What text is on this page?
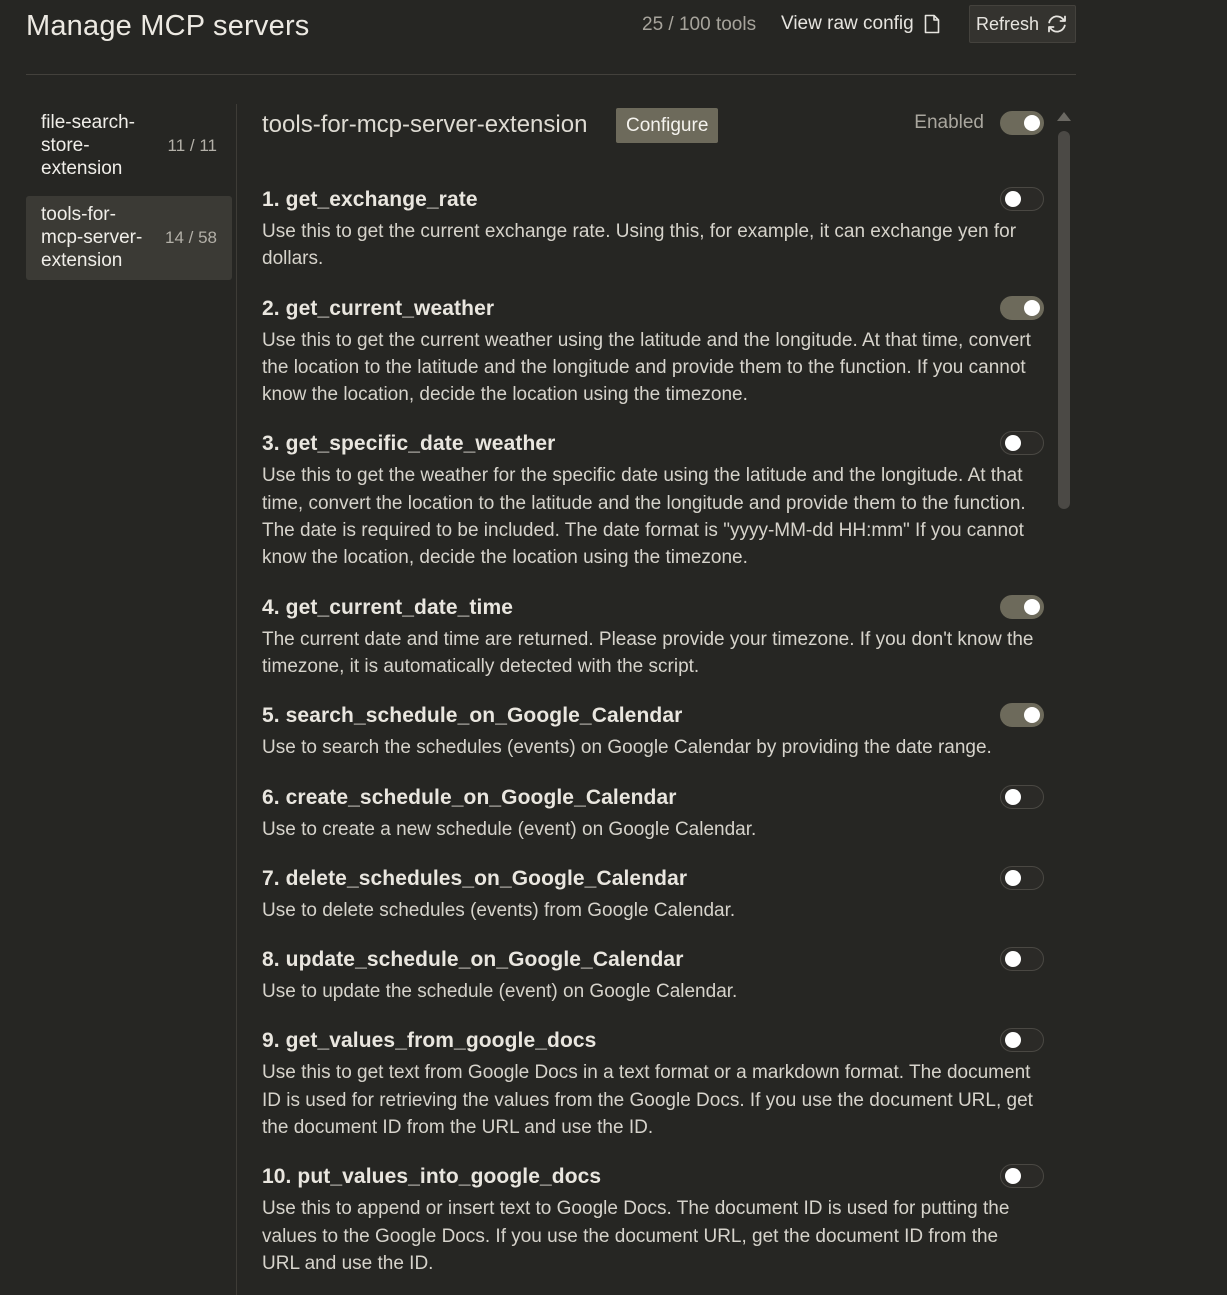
Manage MCP servers	25 / 100 tools View raw config	Refresh
file-search-store-extension
11 / 11
tools-for-mcp-server-extension
14 / 58
tools-for-mcp-server-extension	Configure	Enabled
1. get_exchange_rate
Use this to get the current exchange rate. Using this, for example, it can exchange yen for dollars.
2. get_current_weather
Use this to get the current weather using the latitude and the longitude. At that time, convert the location to the latitude and the longitude and provide them to the function. If you cannot know the location, decide the location using the timezone.
3. get_specific_date_weather
Use this to get the weather for the specific date using the latitude and the longitude. At that time, convert the location to the latitude and the longitude and provide them to the function. The date is required to be included. The date format is "yyyy-MM-dd HH:mm" If you cannot know the location, decide the location using the timezone.
4. get_current_date_time
The current date and time are returned. Please provide your timezone. If you don't know the timezone, it is automatically detected with the script.
5. search_schedule_on_Google_Calendar
Use to search the schedules (events) on Google Calendar by providing the date range.
6. create_schedule_on_Google_Calendar
Use to create a new schedule (event) on Google Calendar.
7. delete_schedules_on_Google_Calendar
Use to delete schedules (events) from Google Calendar.
8. update_schedule_on_Google_Calendar
Use to update the schedule (event) on Google Calendar.
9. get_values_from_google_docs
Use this to get text from Google Docs in a text format or a markdown format. The document ID is used for retrieving the values from the Google Docs. If you use the document URL, get the document ID from the URL and use the ID.
10. put_values_into_google_docs
Use this to append or insert text to Google Docs. The document ID is used for putting the values to the Google Docs. If you use the document URL, get the document ID from the URL and use the ID.
